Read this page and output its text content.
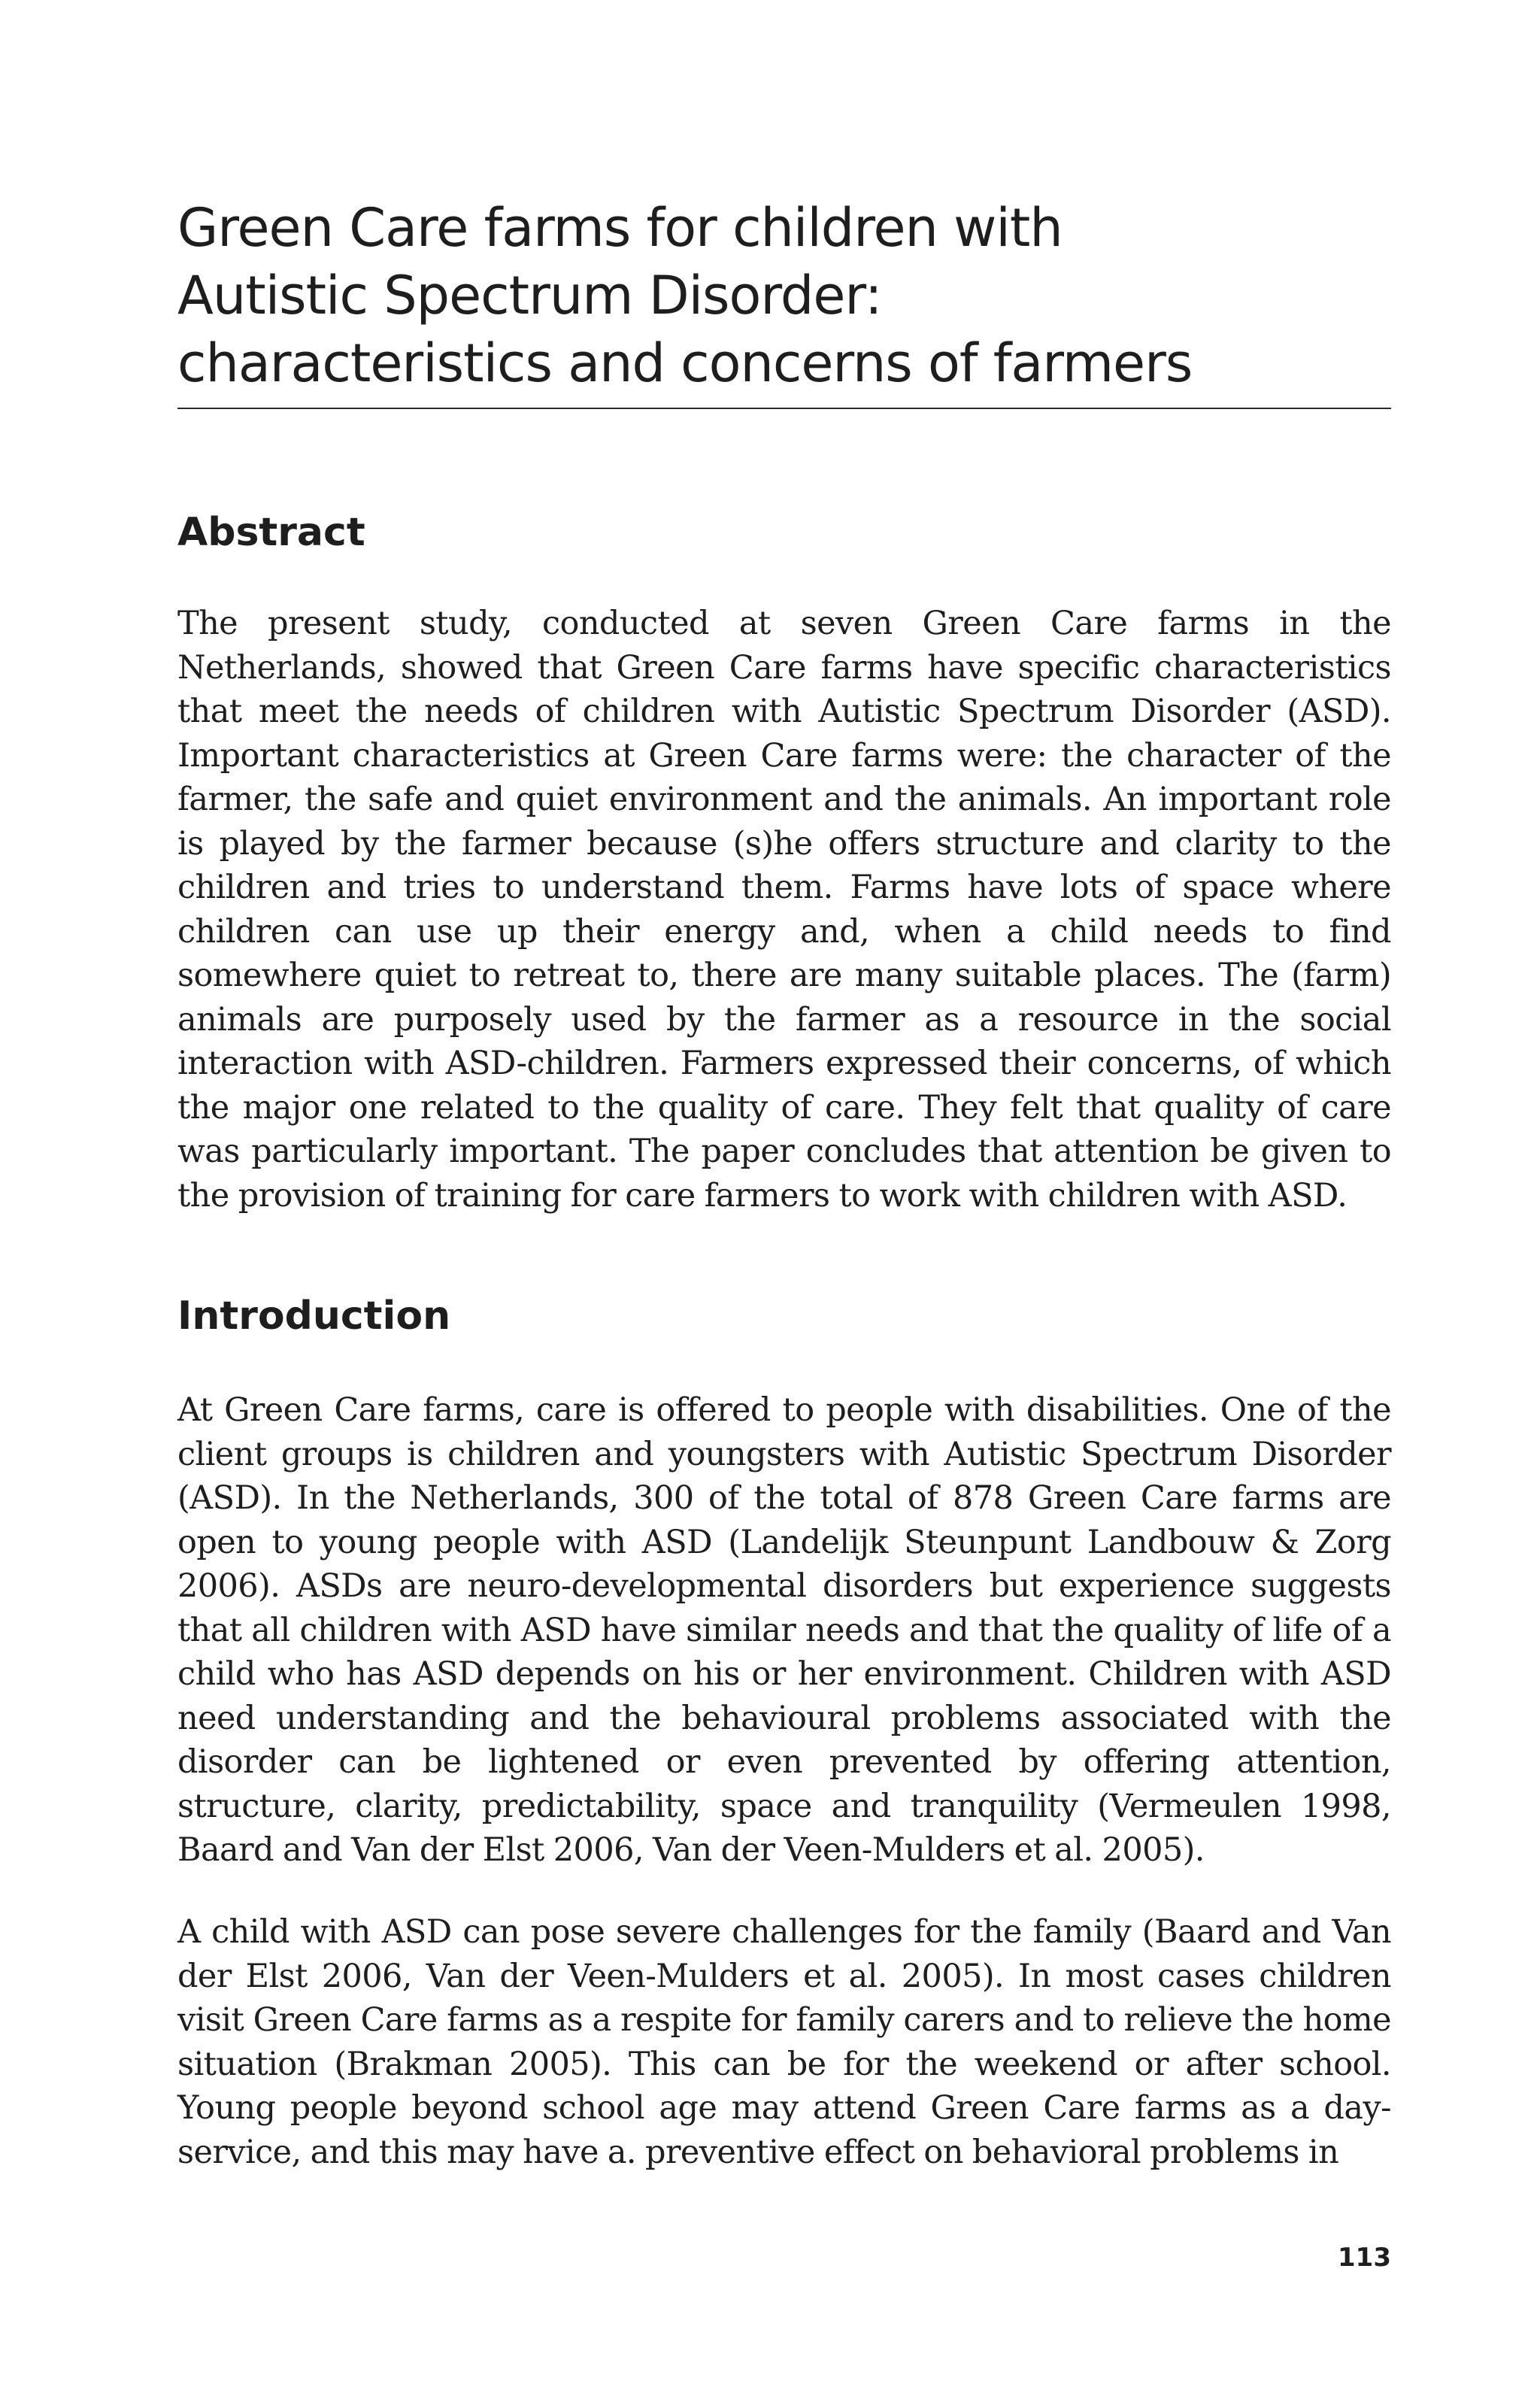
Green Care farms for children with
Autistic Spectrum Disorder:
characteristics and concerns of farmers
Abstract

The present study, conducted at seven Green Care farms in the Netherlands, showed that Green Care farms have specific characteristics that meet the needs of children with Autistic Spectrum Disorder (ASD). Important characteristics at Green Care farms were: the character of the farmer, the safe and quiet environment and the animals. An important role is played by the farmer because (s)he offers structure and clarity to the children and tries to understand them. Farms have lots of space where children can use up their energy and, when a child needs to find somewhere quiet to retreat to, there are many suitable places. The (farm) animals are purposely used by the farmer as a resource in the social interaction with ASD-children. Farmers expressed their concerns, of which the major one related to the quality of care. They felt that quality of care was particularly important. The paper concludes that attention be given to the provision of training for care farmers to work with children with ASD.

Introduction

At Green Care farms, care is offered to people with disabilities. One of the client groups is children and youngsters with Autistic Spectrum Disorder (ASD). In the Netherlands, 300 of the total of 878 Green Care farms are open to young people with ASD (Landelijk Steunpunt Landbouw & Zorg 2006). ASDs are neuro-developmental disorders but experience suggests that all children with ASD have similar needs and that the quality of life of a child who has ASD depends on his or her environment. Children with ASD need understanding and the behavioural problems associated with the disorder can be lightened or even prevented by offering attention, structure, clarity, predictability, space and tranquility (Vermeulen 1998, Baard and Van der Elst 2006, Van der Veen-Mulders et al. 2005).

A child with ASD can pose severe challenges for the family (Baard and Van der Elst 2006, Van der Veen-Mulders et al. 2005). In most cases children visit Green Care farms as a respite for family carers and to relieve the home situation (Brakman 2005). This can be for the weekend or after school. Young people beyond school age may attend Green Care farms as a day-service, and this may have a. preventive effect on behavioral problems in

113
